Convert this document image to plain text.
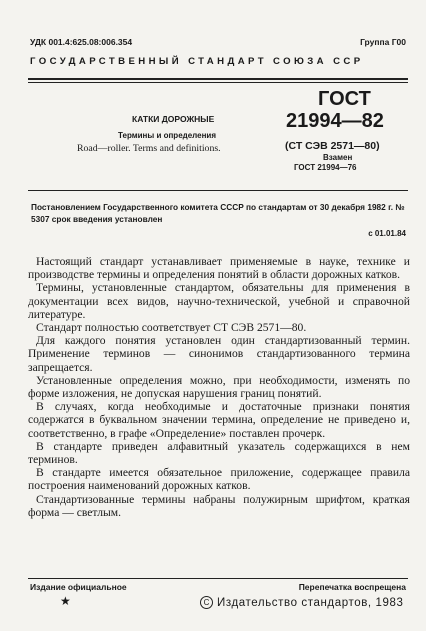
УДК 001.4:625.08:006.354	Группа Г00
ГОСУДАРСТВЕННЫЙ СТАНДАРТ СОЮЗА ССР
КАТКИ ДОРОЖНЫЕ
Термины и определения
Road—roller. Terms and definitions.
ГОСТ
21994—82
(СТ СЭВ 2571—80)
Взамен
ГОСТ 21994—76
Постановлением Государственного комитета СССР по стандартам от 30 декабря 1982 г. № 5307 срок введения установлен
с 01.01.84

Настоящий стандарт устанавливает применяемые в науке, технике и производстве термины и определения понятий в области дорожных катков.

Термины, установленные стандартом, обязательны для применения в документации всех видов, научно-технической, учебной и справочной литературе.

Стандарт полностью соответствует СТ СЭВ 2571—80.

Для каждого понятия установлен один стандартизованный термин. Применение терминов — синонимов стандартизованного термина запрещается.

Установленные определения можно, при необходимости, изменять по форме изложения, не допуская нарушения границ понятий.

В случаях, когда необходимые и достаточные признаки понятия содержатся в буквальном значении термина, определение не приведено и, соответственно, в графе «Определение» поставлен прочерк.

В стандарте приведен алфавитный указатель содержащихся в нем терминов.

В стандарте имеется обязательное приложение, содержащее правила построения наименований дорожных катков.

Стандартизованные термины набраны полужирным шрифтом, краткая форма — светлым.

Издание официальное
★
Перепечатка воспрещена
C Издательство стандартов, 1983
